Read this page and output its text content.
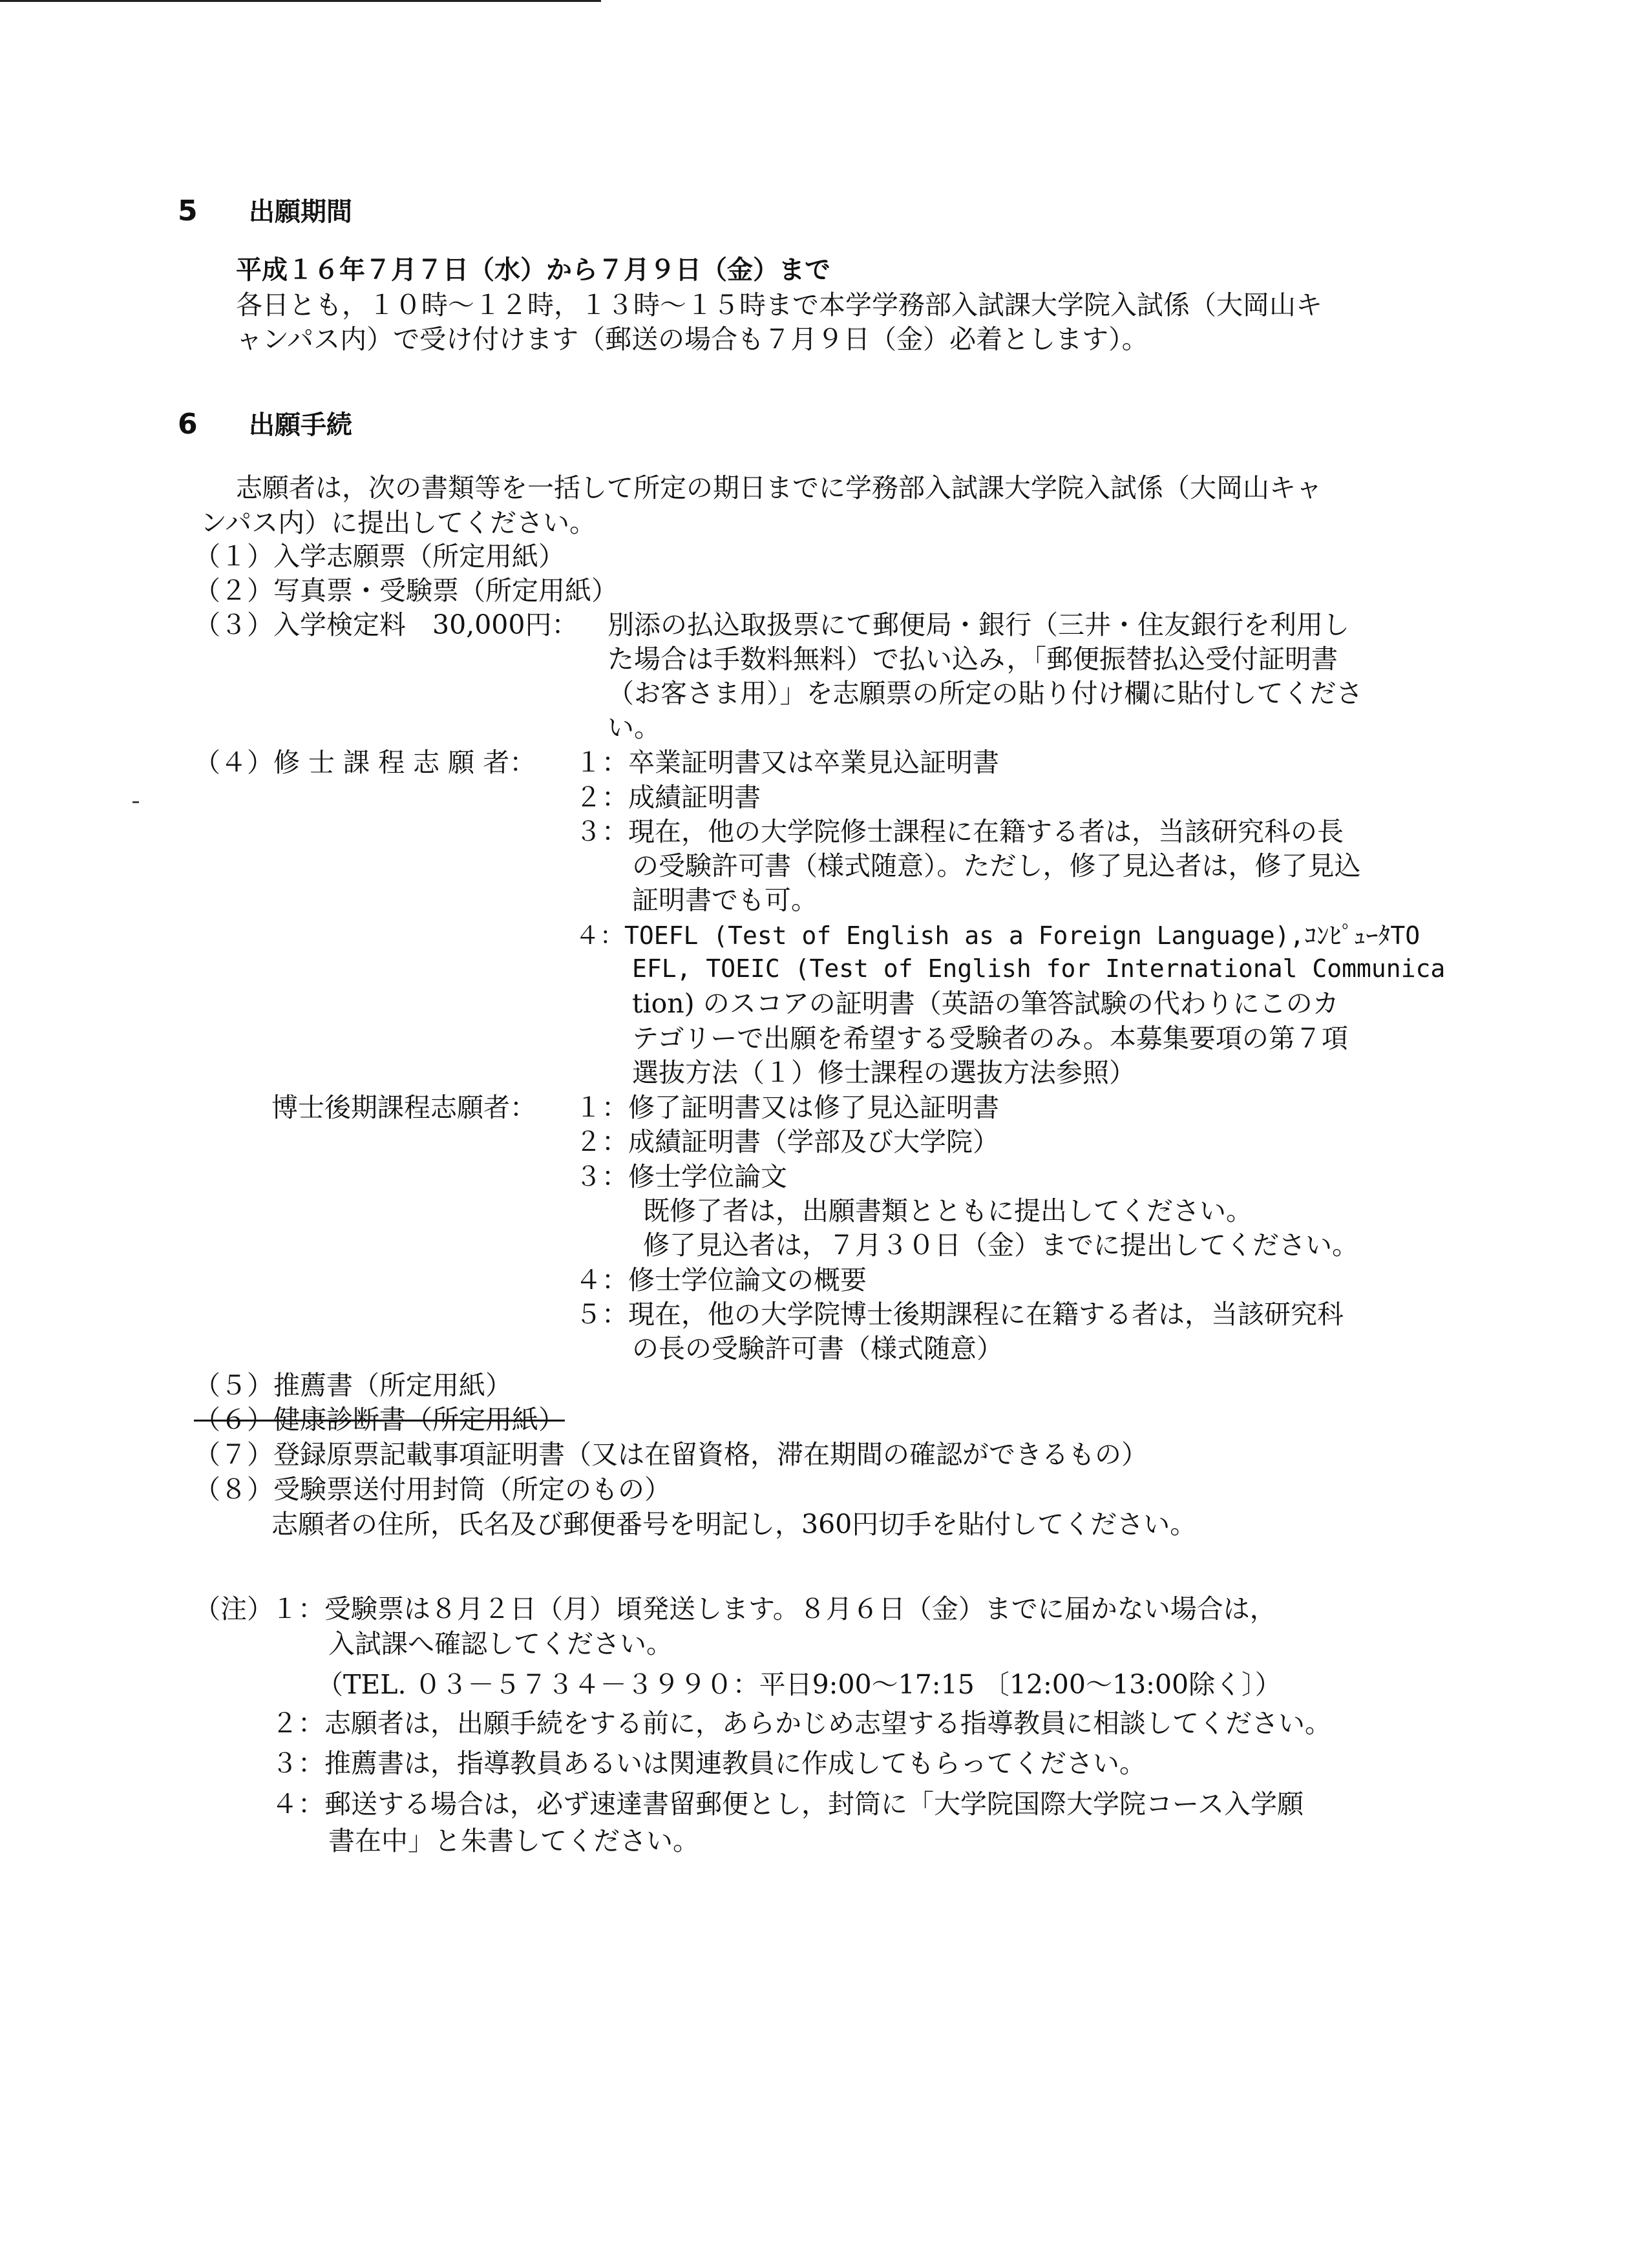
5 出願期間
平成１６年７月７日（水）から７月９日（金）まで
各日とも，１０時～１２時，１３時～１５時まで本学学務部入試課大学院入試係（大岡山キ
ャンパス内）で受け付けます（郵送の場合も７月９日（金）必着とします）。
6 出願手続
志願者は，次の書類等を一括して所定の期日までに学務部入試課大学院入試係（大岡山キャ
ンパス内）に提出してください。
（１）入学志願票（所定用紙）
（２）写真票・受験票（所定用紙）
（３）入学検定料　30,000円： 別添の払込取扱票にて郵便局・銀行（三井・住友銀行を利用し
た場合は手数料無料）で払い込み，「郵便振替払込受付証明書
（お客さま用）」を志願票の所定の貼り付け欄に貼付してくださ
い。
（４）修 士 課 程 志 願 者： １：卒業証明書又は卒業見込証明書
２：成績証明書
３：現在，他の大学院修士課程に在籍する者は，当該研究科の長
の受験許可書（様式随意）。ただし，修了見込者は，修了見込
証明書でも可。
４：TOEFL (Test of English as a Foreign Language),ｺﾝﾋﾟｭｰﾀTO
EFL, TOEIC (Test of English for International Communica
tion) のスコアの証明書（英語の筆答試験の代わりにこのカ
テゴリーで出願を希望する受験者のみ。本募集要項の第７項
選抜方法（１）修士課程の選抜方法参照）
博士後期課程志願者： １：修了証明書又は修了見込証明書
２：成績証明書（学部及び大学院）
３：修士学位論文
既修了者は，出願書類とともに提出してください。
修了見込者は，７月３０日（金）までに提出してください。
４：修士学位論文の概要
５：現在，他の大学院博士後期課程に在籍する者は，当該研究科
の長の受験許可書（様式随意）
（５）推薦書（所定用紙）
（６）健康診断書（所定用紙）
（７）登録原票記載事項証明書（又は在留資格，滞在期間の確認ができるもの）
（８）受験票送付用封筒（所定のもの）
志願者の住所，氏名及び郵便番号を明記し，360円切手を貼付してください。
（注）
１：受験票は８月２日（月）頃発送します。８月６日（金）までに届かない場合は，
入試課へ確認してください。
（TEL. ０３－５７３４－３９９０：平日9:00～17:15 〔12:00～13:00除く〕）
２：志願者は，出願手続をする前に，あらかじめ志望する指導教員に相談してください。
３：推薦書は，指導教員あるいは関連教員に作成してもらってください。
４：郵送する場合は，必ず速達書留郵便とし，封筒に「大学院国際大学院コース入学願
書在中」と朱書してください。
